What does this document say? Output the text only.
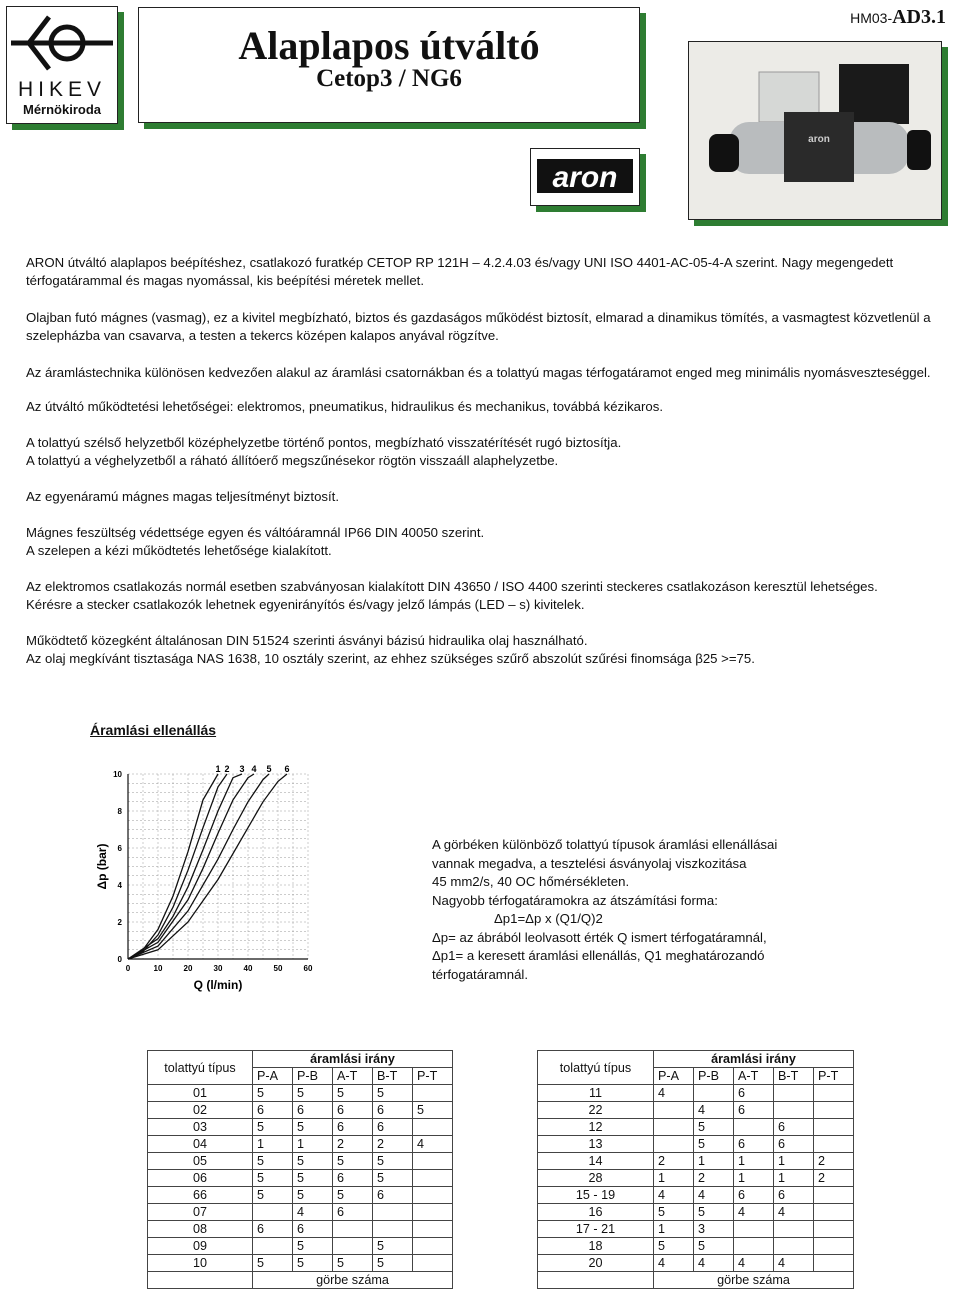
HIKEV
Mérnökiroda
Alaplapos útváltó
Cetop3 / NG6
HM03-AD3.1
aron
aron
ARON útváltó alaplapos beépítéshez, csatlakozó furatkép CETOP RP 121H – 4.2.4.03 és/vagy UNI ISO 4401-AC-05-4-A szerint. Nagy megengedett térfogatárammal és magas nyomással, kis beépítési méretek mellet.
Olajban futó mágnes (vasmag), ez a kivitel megbízható, biztos és gazdaságos működést biztosít, elmarad a dinamikus tömítés, a vasmagtest közvetlenül a szelepházba van csavarva, a testen a tekercs középen kalapos anyával rögzítve.
Az áramlástechnika különösen kedvezően alakul az áramlási csatornákban és a tolattyú magas térfogatáramot enged meg minimális nyomásveszteséggel.
Az útváltó működtetési lehetőségei: elektromos, pneumatikus, hidraulikus és mechanikus, továbbá kézikaros.
A tolattyú szélső helyzetből középhelyzetbe történő pontos, megbízható visszatérítését rugó biztosítja.
A tolattyú a véghelyzetből a ráható állítóerő megszűnésekor rögtön visszaáll alaphelyzetbe.
Az egyenáramú mágnes magas teljesítményt biztosít.
Mágnes feszültség védettsége egyen és váltóáramnál IP66 DIN 40050 szerint.
A szelepen a kézi működtetés lehetősége kialakított.
Az elektromos csatlakozás normál esetben szabványosan kialakított DIN 43650 / ISO 4400 szerinti steckeres csatlakozáson keresztül lehetséges.
Kérésre a stecker csatlakozók lehetnek egyenirányítós és/vagy jelző lámpás (LED – s) kivitelek.
Működtető közegként általánosan DIN 51524 szerinti ásványi bázisú hidraulika olaj használható.
Az olaj megkívánt tisztasága NAS 1638, 10 osztály szerint, az ehhez szükséges szűrő abszolút szűrési finomsága β25 >=75.
Áramlási ellenállás
0	10	20	30	40	50	60
0
2
4
6
8
10
1 2 3 4 5 6
Q (l/min)
Δp (bar)	A görbéken különböző tolattyú típusok áramlási ellenállásai vannak megadva, a tesztelési ásványolaj viszkozitása

45 mm2/s, 40 OC hőmérsékleten.

Nagyobb térfogatáramokra az átszámítási forma:

Δp1=Δp x (Q1/Q)2

Δp= az ábrából leolvasott érték Q ismert térfogatáramnál,

Δp1= a keresett áramlási ellenállás, Q1 meghatározandó térfogatáramnál.

tolattyú típus	áramlási irány				
	P-A	P-B	A-T	B-T	P-T
01	5	5	5	5	
02	6	6	6	6	5
03	5	5	6	6	
04	1	1	2	2	4
05	5	5	5	5	
06	5	5	6	5	
66	5	5	5	6	
07		4	6		
08	6	6			
09		5		5	
10	5	5	5	5	
	görbe száma				
tolattyú típus	áramlási irány				
	P-A	P-B	A-T	B-T	P-T
11	4		6		
22		4	6		
12		5		6	
13		5	6	6	
14	2	1	1	1	2
28	1	2	1	1	2
15 - 19	4	4	6	6	
16	5	5	4	4	
17 - 21	1	3			
18	5	5			
20	4	4	4	4	
	görbe száma				
